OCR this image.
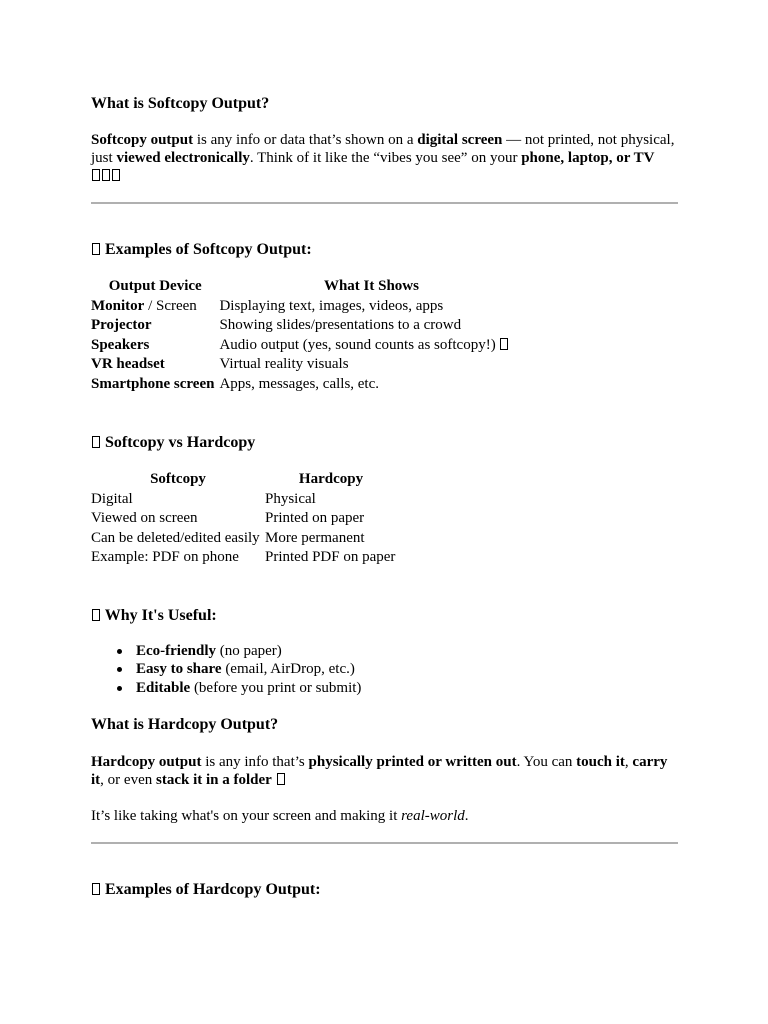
What is Softcopy Output?
Softcopy output is any info or data that’s shown on a digital screen — not printed, not physical, just viewed electronically. Think of it like the “vibes you see” on your phone, laptop, or TV

Examples of Softcopy Output:
Output Device	What It Shows
Monitor / Screen	Displaying text, images, videos, apps
Projector	Showing slides/presentations to a crowd
Speakers	Audio output (yes, sound counts as softcopy!)
VR headset	Virtual reality visuals
Smartphone screen	Apps, messages, calls, etc.
Softcopy vs Hardcopy
Softcopy	Hardcopy
Digital	Physical
Viewed on screen	Printed on paper
Can be deleted/edited easily	More permanent
Example: PDF on phone	Printed PDF on paper
Why It's Useful:
Eco-friendly (no paper)
Easy to share (email, AirDrop, etc.)
Editable (before you print or submit)
What is Hardcopy Output?
Hardcopy output is any info that’s physically printed or written out. You can touch it, carry it, or even stack it in a folder
It’s like taking what's on your screen and making it real-world.
Examples of Hardcopy Output:
